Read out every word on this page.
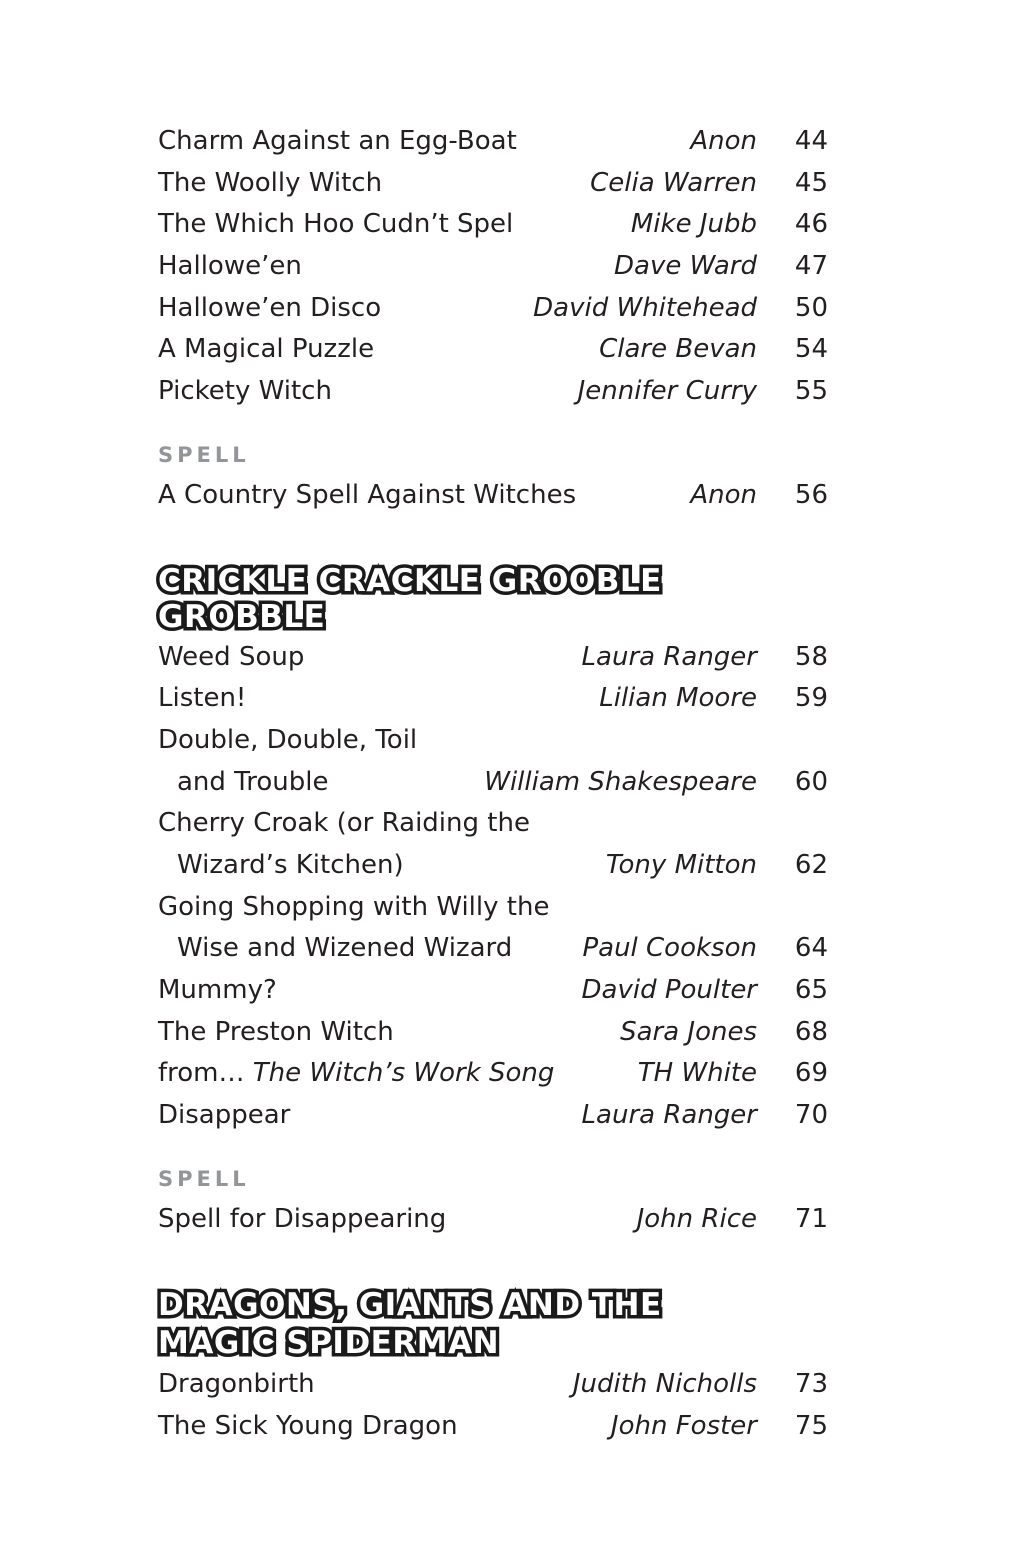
Charm Against an Egg-Boat	Anon 44
The Woolly Witch	Celia Warren 45
The Which Hoo Cudn’t Spel	Mike Jubb 46
Hallowe’en	Dave Ward 47
Hallowe’en Disco	David Whitehead 50
A Magical Puzzle	Clare Bevan 54
Pickety Witch	Jennifer Curry 55
SPELL
A Country Spell Against Witches	Anon 56
CRICKLE CRACKLE GROOBLE GROBBLE
Weed Soup	Laura Ranger 58
Listen!	Lilian Moore 59
Double, Double, Toil
and Trouble	William Shakespeare 60
Cherry Croak (or Raiding the
Wizard’s Kitchen)	Tony Mitton 62
Going Shopping with Willy the
Wise and Wizened Wizard	Paul Cookson 64
Mummy?	David Poulter 65
The Preston Witch	Sara Jones 68
from… The Witch’s Work Song	TH White 69
Disappear	Laura Ranger 70
SPELL
Spell for Disappearing	John Rice 71
DRAGONS, GIANTS AND THE MAGIC SPIDERMAN
Dragonbirth	Judith Nicholls 73
The Sick Young Dragon	John Foster 75
